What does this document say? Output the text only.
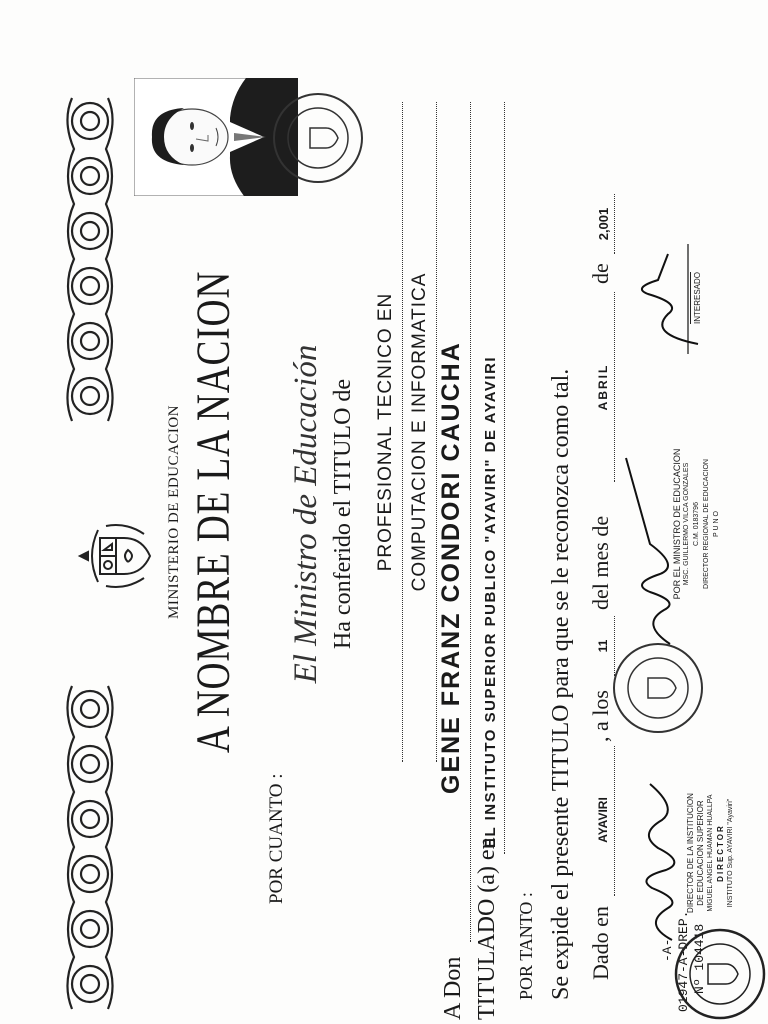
-A- 01947-A-DREP. Nº 104418
MINISTERIO DE EDUCACION A NOMBRE DE LA NACION
POR CUANTO :
El Ministro de Educación Ha conferido el TITULO de PROFESIONAL TECNICO EN COMPUTACION E INFORMATICA
A Don
GENE FRANZ CONDORI CAUCHA
TITULADO (a) en
EL INSTITUTO SUPERIOR PUBLICO "AYAVIRI" DE AYAVIRI
POR TANTO : Se expide el presente TITULO para que se le reconozca como tal. Dado en
AYAVIRI
, a los
11
del mes de
ABRIL
de
2,001
DIRECTOR DE LA INSTITUCION DE EDUCACION SUPERIOR MIGUEL ANGEL HUAMAN HUALLPA DIRECTOR INSTITUTO Sup. AYAVIRI "Ayaviri"
POR EL MINISTRO DE EDUCACION MSC. GUILLERMO VILCA GONZALES C.M. 0183796 DIRECTOR REGIONAL DE EDUCACION P U N O
INTERESADO
